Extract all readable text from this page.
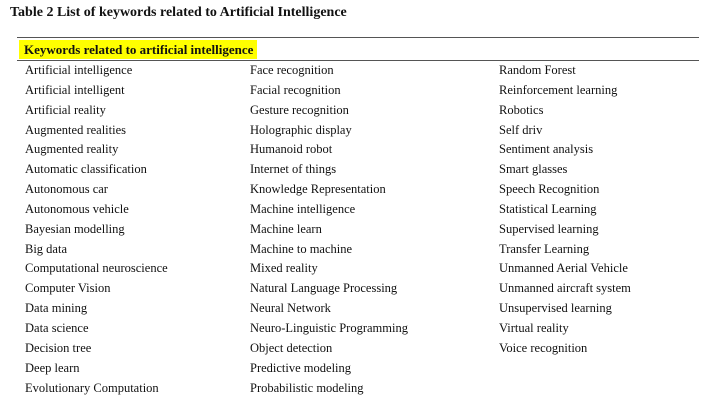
Table 2 List of keywords related to Artificial Intelligence
Keywords related to artificial intelligence
Artificial intelligence
Artificial intelligent
Artificial reality
Augmented realities
Augmented reality
Automatic classification
Autonomous car
Autonomous vehicle
Bayesian modelling
Big data
Computational neuroscience
Computer Vision
Data mining
Data science
Decision tree
Deep learn
Evolutionary Computation
Face recognition
Facial recognition
Gesture recognition
Holographic display
Humanoid robot
Internet of things
Knowledge Representation
Machine intelligence
Machine learn
Machine to machine
Mixed reality
Natural Language Processing
Neural Network
Neuro-Linguistic Programming
Object detection
Predictive modeling
Probabilistic modeling
Random Forest
Reinforcement learning
Robotics
Self driv
Sentiment analysis
Smart glasses
Speech Recognition
Statistical Learning
Supervised learning
Transfer Learning
Unmanned Aerial Vehicle
Unmanned aircraft system
Unsupervised learning
Virtual reality
Voice recognition
